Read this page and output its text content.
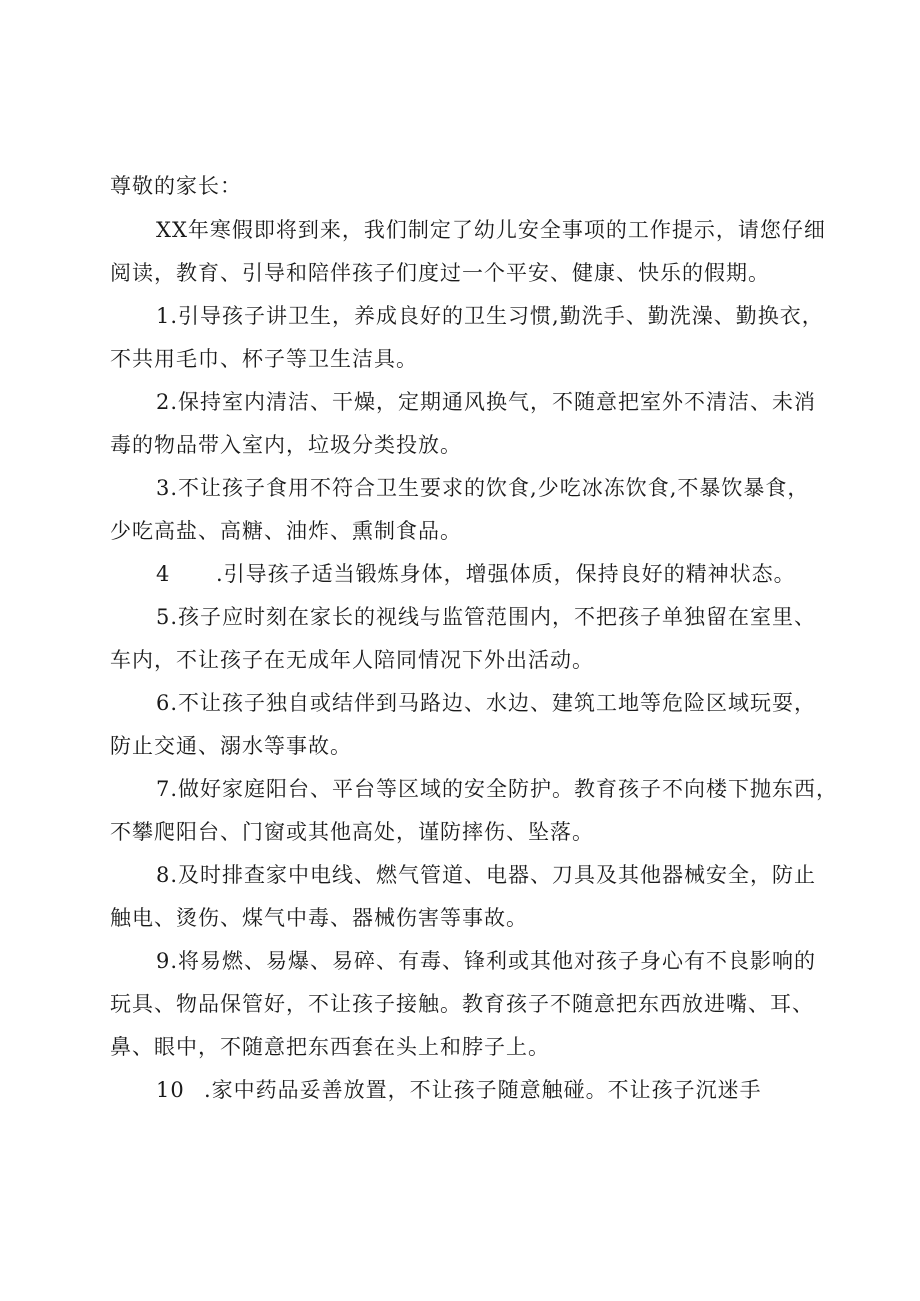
尊敬的家长：
XX年寒假即将到来，我们制定了幼儿安全事项的工作提示，请您仔细
阅读，教育、引导和陪伴孩子们度过一个平安、健康、快乐的假期。
1.引导孩子讲卫生，养成良好的卫生习惯,勤洗手、勤洗澡、勤换衣，
不共用毛巾、杯子等卫生洁具。
2.保持室内清洁、干燥，定期通风换气，不随意把室外不清洁、未消
毒的物品带入室内，垃圾分类投放。
3.不让孩子食用不符合卫生要求的饮食,少吃冰冻饮食,不暴饮暴食，
少吃高盐、高糖、油炸、熏制食品。
4 .引导孩子适当锻炼身体，增强体质，保持良好的精神状态。
5.孩子应时刻在家长的视线与监管范围内，不把孩子单独留在室里、
车内，不让孩子在无成年人陪同情况下外出活动。
6.不让孩子独自或结伴到马路边、水边、建筑工地等危险区域玩耍，
防止交通、溺水等事故。
7.做好家庭阳台、平台等区域的安全防护。教育孩子不向楼下抛东西，
不攀爬阳台、门窗或其他高处，谨防摔伤、坠落。
8.及时排查家中电线、燃气管道、电器、刀具及其他器械安全，防止
触电、烫伤、煤气中毒、器械伤害等事故。
9.将易燃、易爆、易碎、有毒、锋利或其他对孩子身心有不良影响的
玩具、物品保管好，不让孩子接触。教育孩子不随意把东西放进嘴、耳、
鼻、眼中，不随意把东西套在头上和脖子上。
10 .家中药品妥善放置，不让孩子随意触碰。不让孩子沉迷手
